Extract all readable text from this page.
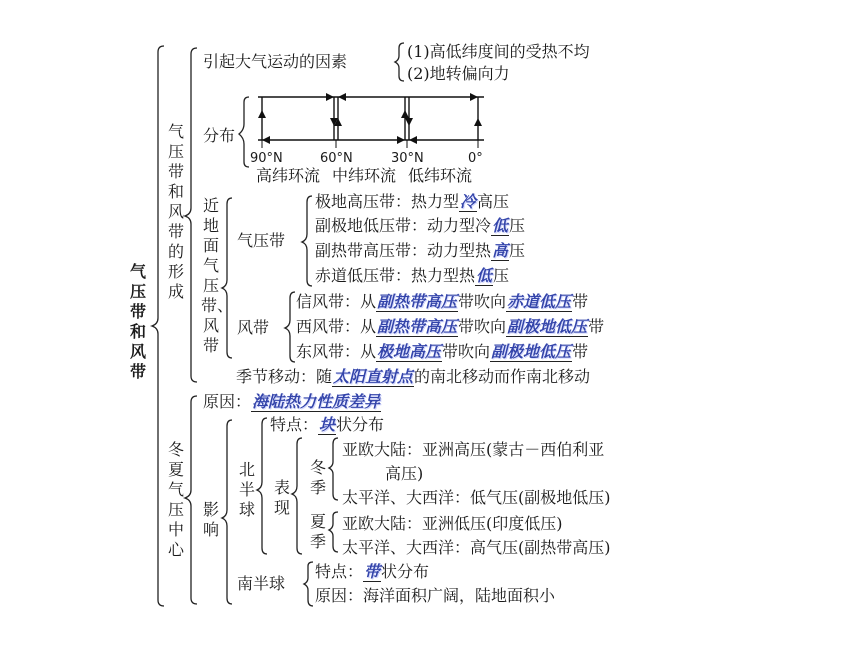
气压带和风带
气压带和风带的形成
引起大气运动的因素
(1)高低纬度间的受热不均
(2)地转偏向力
分布
90°N	60°N	30°N	0°
高纬环流 中纬环流 低纬环流
近地面气压带、风带
气压带
极地高压带：热力型冷高压
副极地低压带：动力型冷低压
副热带高压带：动力型热高压
赤道低压带：热力型热低压
风带
信风带：从副热带高压带吹向赤道低压带
西风带：从副热带高压带吹向副极地低压带
东风带：从极地高压带吹向副极地低压带
季节移动：随太阳直射点的南北移动而作南北移动
冬夏气压中心
原因：海陆热力性质差异
影响
北半球
特点：块状分布
表现
冬季
亚欧大陆：亚洲高压(蒙古－西伯利亚
高压)
太平洋、大西洋：低气压(副极地低压)
夏季
亚欧大陆：亚洲低压(印度低压)
太平洋、大西洋：高气压(副热带高压)
南半球
特点：带状分布
原因：海洋面积广阔，陆地面积小
